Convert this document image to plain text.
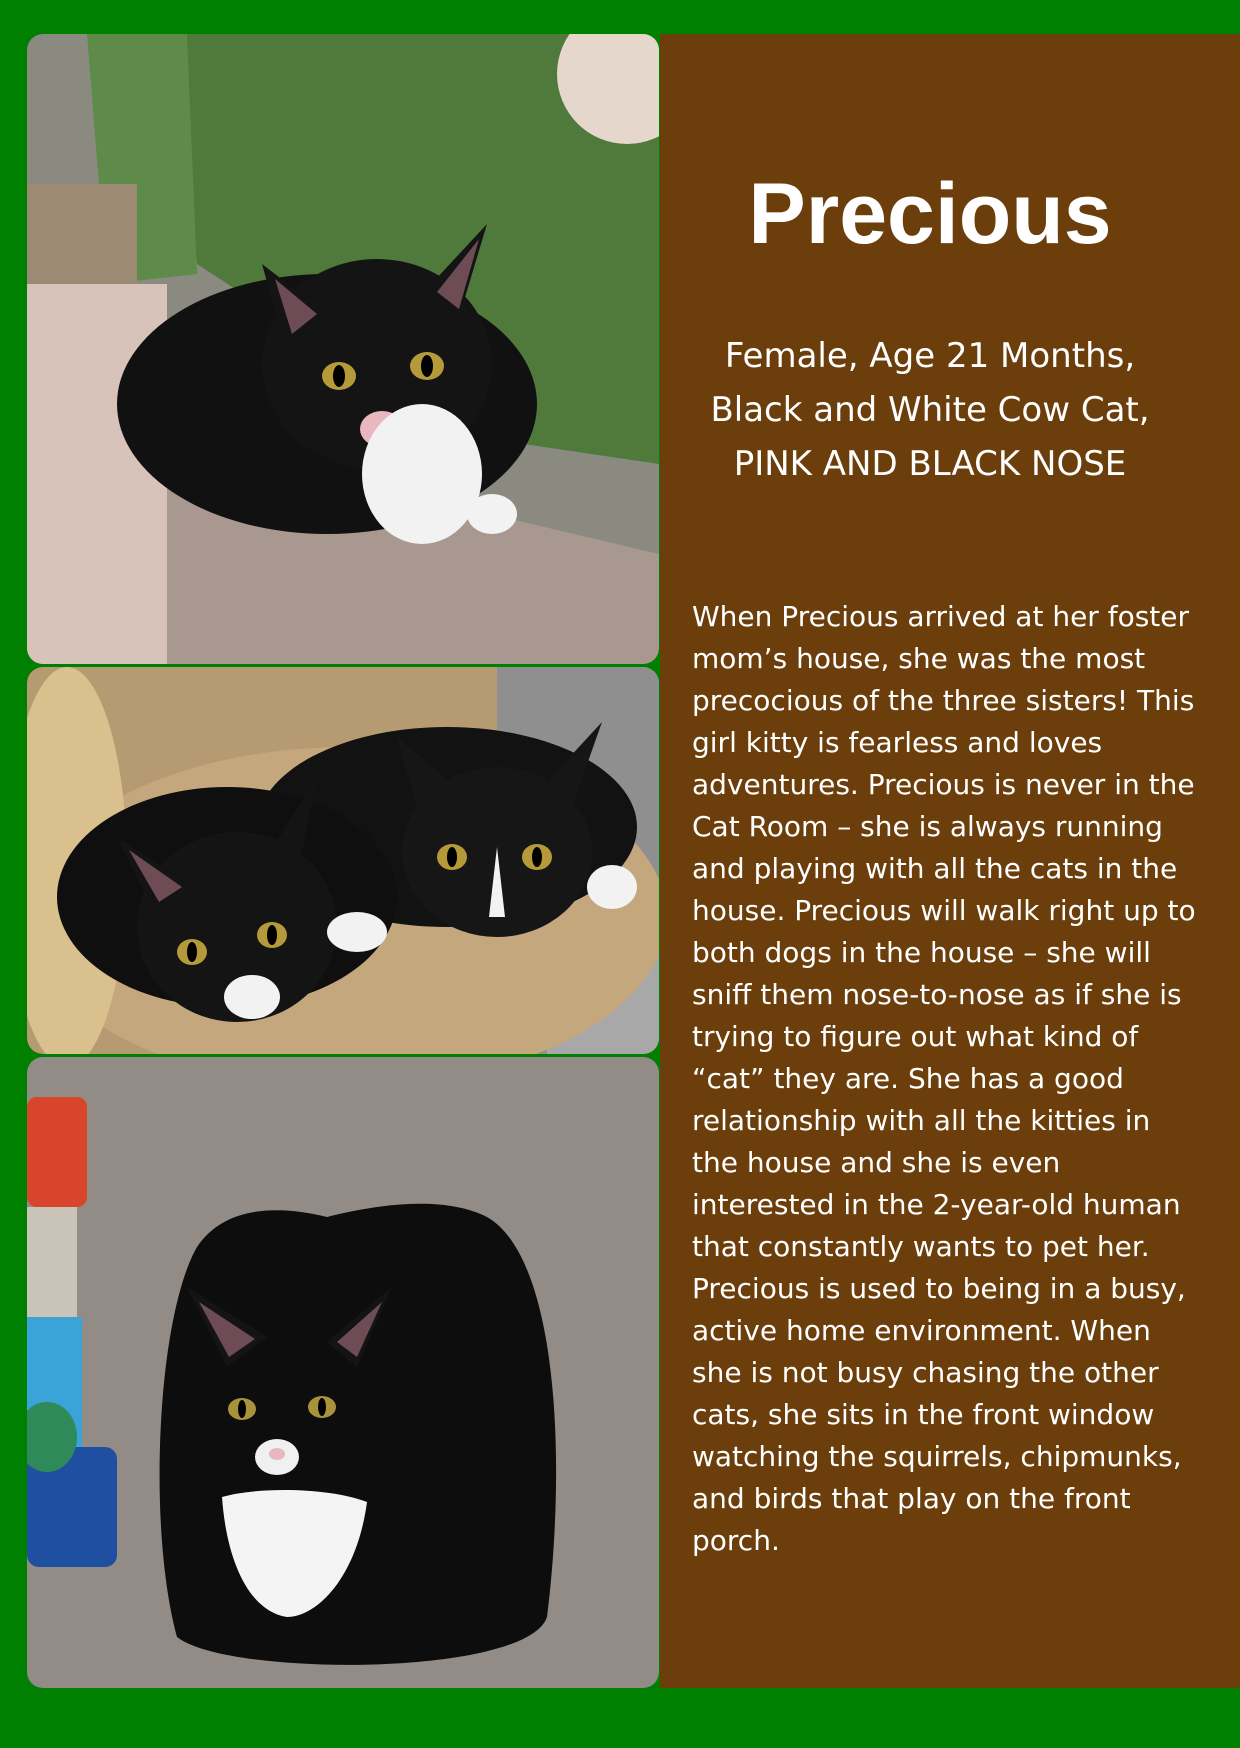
Precious

Female, Age 21 Months,
Black and White Cow Cat,
PINK AND BLACK NOSE

When Precious arrived at her foster mom’s house, she was the most precocious of the three sisters! This girl kitty is fearless and loves adventures. Precious is never in the Cat Room – she is always running and playing with all the cats in the house. Precious will walk right up to both dogs in the house – she will sniff them nose-to-nose as if she is trying to figure out what kind of “cat” they are. She has a good relationship with all the kitties in the house and she is even interested in the 2-year-old human that constantly wants to pet her. Precious is used to being in a busy, active home environment. When she is not busy chasing the other cats, she sits in the front window watching the squirrels, chipmunks, and birds that play on the front porch.
